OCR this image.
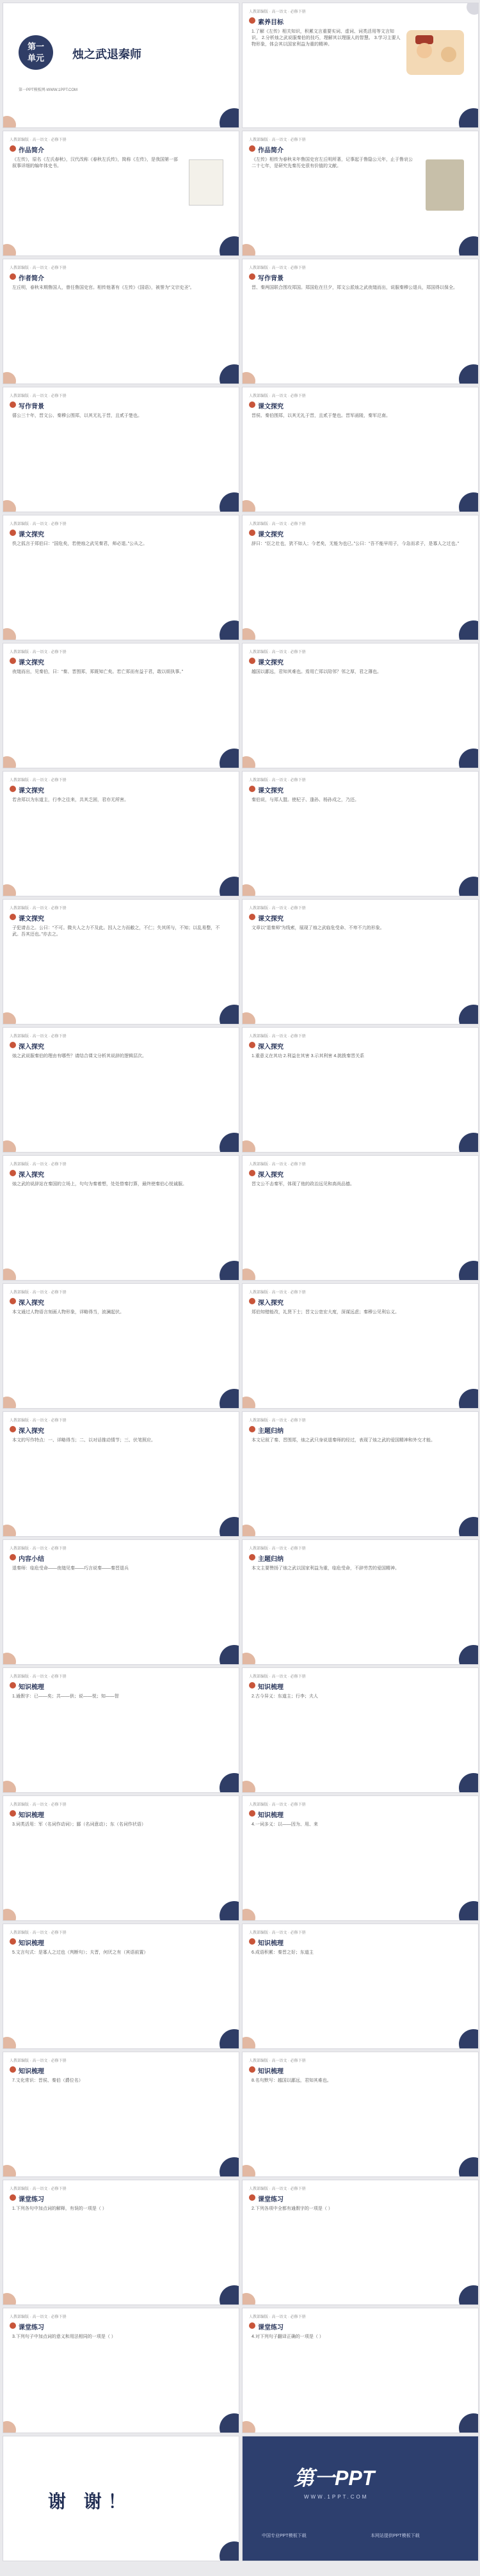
第一
单元	烛之武退秦师
第一PPT模板网-WWW.1PPT.COM
人教部编版 · 高一语文 · 必修下册
素养目标
1.了解《左传》相关知识，积累文言重要实词、虚词、词类活用等文言知识。 2.分析烛之武说服秦伯的技巧，理解其以理服人的智慧。 3.学习主要人物形象，体会其以国家利益为重的精神。
人教部编版 · 高一语文 · 必修下册
作品简介
《左传》，原名《左氏春秋》，汉代改称《春秋左氏传》，简称《左传》，是我国第一部叙事详细的编年体史书。
人教部编版 · 高一语文 · 必修下册
作品简介
《左传》相传为春秋末年鲁国史官左丘明所著，记事起于鲁隐公元年，止于鲁哀公二十七年，是研究先秦历史很有价值的文献。
人教部编版 · 高一语文 · 必修下册
作者简介
左丘明，春秋末期鲁国人，曾任鲁国史官。相传他著有《左传》《国语》，被誉为“文宗史圣”。
人教部编版 · 高一语文 · 必修下册
写作背景
晋、秦两国联合围攻郑国。郑国危在旦夕，郑文公派烛之武夜缒而出，说服秦穆公退兵，郑国得以保全。
人教部编版 · 高一语文 · 必修下册
写作背景
僖公三十年，晋文公、秦穆公围郑，以其无礼于晋，且贰于楚也。
人教部编版 · 高一语文 · 必修下册
课文探究
晋侯、秦伯围郑，以其无礼于晋，且贰于楚也。晋军函陵，秦军氾南。
人教部编版 · 高一语文 · 必修下册
课文探究
佚之狐言于郑伯曰：“国危矣，若使烛之武见秦君，师必退。”公从之。
人教部编版 · 高一语文 · 必修下册
课文探究
辞曰：“臣之壮也，犹不如人；今老矣，无能为也已。”公曰：“吾不能早用子，今急而求子，是寡人之过也。”
人教部编版 · 高一语文 · 必修下册
课文探究
夜缒而出，见秦伯，曰：“秦、晋围郑，郑既知亡矣。若亡郑而有益于君，敢以烦执事。”
人教部编版 · 高一语文 · 必修下册
课文探究
越国以鄙远，君知其难也。焉用亡郑以陪邻？邻之厚，君之薄也。
人教部编版 · 高一语文 · 必修下册
课文探究
若舍郑以为东道主，行李之往来，共其乏困，君亦无所害。
人教部编版 · 高一语文 · 必修下册
课文探究
秦伯说，与郑人盟。使杞子、逢孙、杨孙戍之，乃还。
人教部编版 · 高一语文 · 必修下册
课文探究
子犯请击之。公曰：“不可。微夫人之力不及此。因人之力而敝之，不仁；失其所与，不知；以乱易整，不武。吾其还也。”亦去之。
人教部编版 · 高一语文 · 必修下册
课文探究
文章以“退秦师”为线索，展现了烛之武临危受命、不卑不亢的形象。
人教部编版 · 高一语文 · 必修下册
深入探究
烛之武说服秦伯的理由有哪些？请结合课文分析其说辞的逻辑层次。
人教部编版 · 高一语文 · 必修下册
深入探究
1.重意义在其功 2.利益在其害 3.示其利害 4.挑拨秦晋关系
人教部编版 · 高一语文 · 必修下册
深入探究
烛之武的说辞站在秦国的立场上，句句为秦着想，处处替秦打算，最终使秦伯心悦诚服。
人教部编版 · 高一语文 · 必修下册
深入探究
晋文公不击秦军，体现了他的政治远见和高尚品德。
人教部编版 · 高一语文 · 必修下册
深入探究
本文通过人物语言刻画人物形象，详略得当，波澜起伏。
人教部编版 · 高一语文 · 必修下册
深入探究
郑伯知错能改，礼贤下士；晋文公宽宏大度，深谋远虑；秦穆公见利忘义。
人教部编版 · 高一语文 · 必修下册
深入探究
本文的写作特点：一、详略得当；二、以对话推动情节；三、伏笔照应。
人教部编版 · 高一语文 · 必修下册
主题归纳
本文记叙了秦、晋围郑，烛之武只身说退秦师的经过，表现了烛之武的爱国精神和外交才能。
人教部编版 · 高一语文 · 必修下册
内容小结
退秦师：临危受命——夜缒见秦——巧言说秦——秦晋退兵
人教部编版 · 高一语文 · 必修下册
主题归纳
本文主要赞扬了烛之武以国家利益为重，临危受命，不辞劳苦的爱国精神。
人教部编版 · 高一语文 · 必修下册
知识梳理
1.通假字：已——矣；共——供；说——悦；知——智
人教部编版 · 高一语文 · 必修下册
知识梳理
2.古今异义：东道主；行李；夫人
人教部编版 · 高一语文 · 必修下册
知识梳理
3.词类活用：军（名词作动词）；鄙（名词意动）；东（名词作状语）
人教部编版 · 高一语文 · 必修下册
知识梳理
4.一词多义：以——因为、用、来
人教部编版 · 高一语文 · 必修下册
知识梳理
5.文言句式：是寡人之过也（判断句）；夫晋，何厌之有（宾语前置）
人教部编版 · 高一语文 · 必修下册
知识梳理
6.成语积累：秦晋之好；东道主
人教部编版 · 高一语文 · 必修下册
知识梳理
7.文化常识：晋侯、秦伯（爵位名）
人教部编版 · 高一语文 · 必修下册
知识梳理
8.名句默写：越国以鄙远，君知其难也。
人教部编版 · 高一语文 · 必修下册
课堂练习
1.下列各句中加点词的解释，有误的一项是（ ）
人教部编版 · 高一语文 · 必修下册
课堂练习
2.下列各项中全都有通假字的一项是（ ）
人教部编版 · 高一语文 · 必修下册
课堂练习
3.下列句子中加点词的意义和用法相同的一项是（ ）
人教部编版 · 高一语文 · 必修下册
课堂练习
4.对下列句子翻译正确的一项是（ ）
谢 谢！
第一PPT
WWW.1PPT.COM
中国专业PPT模板下载	本网站提供PPT模板下载
